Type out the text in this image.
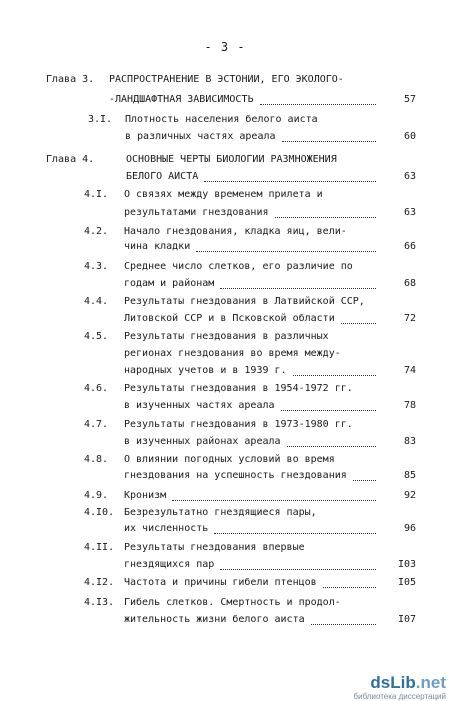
- 3 -
Глава 3. РАСПРОСТРАНЕНИЕ В ЭСТОНИИ, ЕГО ЭКОЛОГО-
-ЛАНДШАФТНАЯ ЗАВИСИМОСТЬ	57
3.I. Плотность населения белого аиста
в различных частях ареала	60
Глава 4.	ОСНОВНЫЕ ЧЕРТЫ БИОЛОГИИ РАЗМНОЖЕНИЯ
БЕЛОГО АИСТА	63
4.I. О связях между временем прилета и
результатами гнездования	63
4.2. Начало гнездования, кладка яиц, вели-
чина кладки	66
4.3. Среднее число слетков, его различие по
годам и районам	68
4.4. Результаты гнездования в Латвийской ССР,
Литовской ССР и в Псковской области	72
4.5. Результаты гнездования в различных
регионах гнездования во время между-
народных учетов и в 1939 г.	74
4.6. Результаты гнездования в 1954-1972 гг.
в изученных частях ареала	78
4.7. Результаты гнездования в 1973-1980 гг.
в изученных районах ареала	83
4.8. О влиянии погодных условий во время
гнездования на успешность гнездования	85
4.9. Кронизм	92
4.I0. Безрезультатно гнездящиеся пары,
их численность	96
4.II. Результаты гнездования впервые
гнездящихся пар	I03
4.I2. Частота и причины гибели птенцов	I05
4.I3. Гибель слетков. Смертность и продол-
жительность жизни белого аиста	I07
dsLib.net
библиотека диссертаций
